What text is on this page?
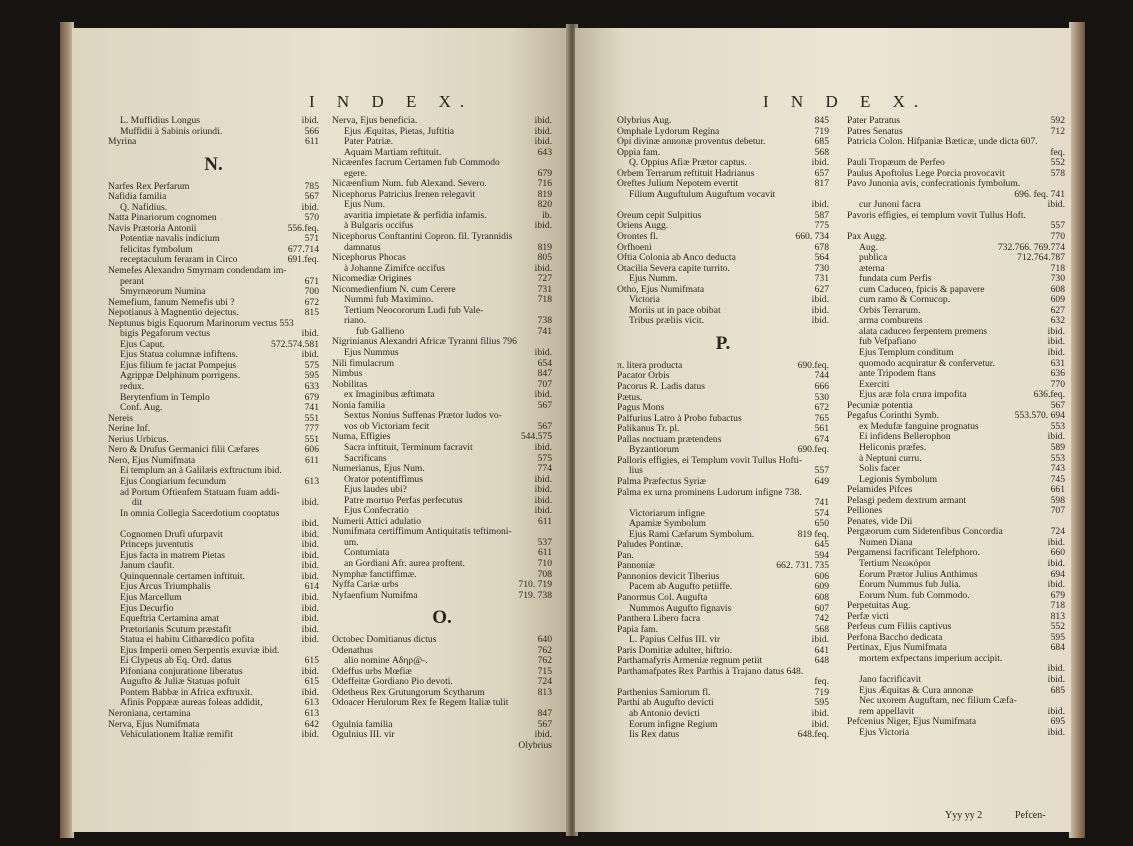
I N D E X.
L. Muffidius Longus	ibid.
Muffidii à Sabinis oriundi.	566
Myrina	611
N.
Narfes Rex Perfarum	785
Nafidia familia	567
Q. Nafidius.	ibid.
Natta Pinariorum cognomen	570
Navis Prætoria Antonii	556.feq.
Potentiæ navalis indicium	571
felicitas fymbolum	677.714
receptaculum feraram in Circo	691.feq.
Nemefes Alexandro Smyrnam condendam im-
perant	671
Smyrnæorum Numina	700
Nemefium, fanum Nemefis ubi ?	672
Nepotianus à Magnentio dejectus.	815
Neptunus bigis Equorum Marinorum vectus 553
bigis Pegaforum vectus	ibid.
Ejus Caput.	572.574.581
Ejus Statua columnæ infiftens.	ibid.
Ejus filium fe jactat Pompejus	575
Agrippæ Delphinum porrigens.	595
redux.	633
Berytenfium in Templo	679
Conf. Aug.	741
Nereis	551
Nerine Inf.	777
Nerius Urbicus.	551
Nero & Drufus Germanici filii Cæfares	606
Nero, Ejus Numifmata	611
Ei templum an à Galilæis exftructum ibid.
Ejus Congiarium fecundum	613
ad Portum Oftienfem Statuam fuam addi-
dit	ibid.
In omnia Collegia Sacerdotium cooptatus
ibid.
Cognomen Drufi ufurpavit	ibid.
Princeps juventutis	ibid.
Ejus facta in matrem Pietas	ibid.
Janum claufit.	ibid.
Quinquennale certamen inftituit.	ibid.
Ejus Arcus Triumphalis	614
Ejus Marcellum	ibid.
Ejus Decurfio	ibid.
Equeftria Certamina amat	ibid.
Prætorianis Scutum præstafit	ibid.
Statua ei habitu Citharœdico pofita	ibid.
Ejus Imperii omen Serpentis exuviæ ibid.
Ei Clypeus ab Eq. Ord. datus	615
Pifoniana conjuratione liberatus	ibid.
Augufto & Juliæ Statuas pofuit	615
Pontem Babbæ in Africa exftruxit.	ibid.
Afinis Poppææ aureas foleas addidit,	613
Neroniana, certamina	613
Nerva, Ejus Numifmata	642
Vehiculationem Italiæ remifit	ibid.
Nerva, Ejus beneficia.	ibid.
Ejus Æquitas, Pietas, Juftitia	ibid.
Pater Patriæ.	ibid.
Aquam Martiam reftituit.	643
Nicæenfes facrum Certamen fub Commodo
egere.	679
Nicæenfium Num. fub Alexand. Severo.	716
Nicephorus Patricius Irenen relegavit	819
Ejus Num.	820
avaritia impietate & perfidia infamis.	ib.
à Bulgaris occifus	ibid.
Nicephorus Conftantini Copron. fil. Tyrannidis
damnatus	819
Nicephorus Phocas	805
à Johanne Zimifce occifus	ibid.
Nicomediæ Origines	727
Nicomedienfium N. cum Cerere	731
Nummi fub Maximino.	718
Tertium Neocororum Ludi fub Vale-
riano.	738
fub Gallieno	741
Nigrinianus Alexandri Africæ Tyranni filius 796
Ejus Nummus	ibid.
Nili fimulacrum	654
Nimbus	847
Nobilitas	707
ex Imaginibus æftimata	ibid.
Nonia familia	567
Sextus Nonius Suffenas Prætor ludos vo-
vos ob Victoriam fecit	567
Numa, Effigies	544.575
Sacra inftituit, Terminum facravit	ibid.
Sacrificans	575
Numerianus, Ejus Num.	774
Orator potentiffimus	ibid.
Ejus laudes ubi?	ibid.
Patre mortuo Perfas perfecutus	ibid.
Ejus Confecratio	ibid.
Numerii Attici adulatio	611
Numifmata certiffimum Antiquitatis teftimoni-
um.	537
Conturniata	611
an Gordiani Afr. aurea proftent.	710
Nymphæ fanctiffimæ.	708
Nyffa Cariæ urbs	710. 719
Nyfaenfium Numifma	719. 738
O.
Octobec Domitianus dictus	640
Odenathus	762
alio nomine Αδηρ@-.	762
Odeffus urbs Mœfiæ	715
Odeffeitæ Gordiano Pio devoti.	724
Odetheus Rex Grutungorum Scytharum	813
Odoacer Herulorum Rex fe Regem Italiæ tulit
847
Ogulnia familia	567
Ogulnius III. vir	ibid.
Olybrius
I N D E X.
Olybrius Aug.	845
Omphale Lydorum Regina	719
Opi divinæ annonæ proventus debetur.	685
Oppia fam.	568
Q. Oppius Afiæ Prætor captus.	ibid.
Orbem Terrarum reftituit Hadrianus	657
Oreftes Julium Nepotem evertit	817
Filium Auguftulum Auguftum vocavit
ibid.
Oreum cepit Sulpitius	587
Oriens Augg.	775
Orontes fl.	660. 734
Orfhoeni	678
Oftia Colonia ab Anco deducta	564
Otacilia Severa capite turrito.	730
Ejus Numm.	731
Otho, Ejus Numifmata	627
Victoria	ibid.
Moriis ut in pace obibat	ibid.
Tribus præliis vicit.	ibid.
P.
π. litera producta	690.feq.
Pacator Orbis	744
Pacorus R. Ladis datus	666
Pætus.	530
Pagus Mons	672
Palfurius Latro à Probo fubactus	765
Palikanus Tr. pl.	561
Pallas noctuam prætendens	674
Byzantiorum	690.feq.
Palloris effigies, ei Templum vovit Tullus Hofti-
lius	557
Palma Præfectus Syriæ	649
Palma ex urna prominens Ludorum infigne 738.
741
Victoriarum infigne	574
Apamiæ Symbolum	650
Ejus Rami Cæfarum Symbolum.	819 feq.
Paludes Pontinæ.	645
Pan.	594
Pannoniæ	662. 731. 735
Pannonios devicit Tiberius	606
Pacem ab Augufto petiiffe.	609
Panormus Col. Augufta	608
Nummos Augufto fignavis	607
Panthera Libero facra	742
Papia fam.	568
L. Papius Celfus III. vir	ibid.
Paris Domitiæ adulter, hiftrio.	641
Parthamafyris Armeniæ regnum petiit	648
Parthamafpates Rex Parthis à Trajano datus 648.
feq.
Parthenius Samiorum fl.	719
Parthi ab Augufto devicti	595
ab Antonio devicti	ibid.
Eorum infigne Regium	ibid.
Iis Rex datus	648.feq.
Pater Patratus	592
Patres Senatus	712
Patricia Colon. Hifpaniæ Bæticæ, unde dicta 607.
feq.
Pauli Tropæum de Perfeo	552
Paulus Apoftolus Lege Porcia provocavit	578
Pavo Junonia avis, confecrationis fymbolum.
696. feq. 741
cur Junoni facra	ibid.
Pavoris effigies, ei templum vovit Tullus Hoft.
557
Pax Augg.	770
Aug.	732.766. 769.774
publica	712.764.787
æterna	718
fundata cum Perfis	730
cum Caduceo, fpicis & papavere	608
cum ramo & Cornucop.	609
Orbis Terrarum.	627
arma comburens	632
alata caduceo ferpentem premens	ibid.
fub Vefpafiano	ibid.
Ejus Templum conditum	ibid.
quomodo acquiratur & confervetur.	631
ante Tripodem ftans	636
Exerciti	770
Ejus aræ fola crura impofita	636.feq.
Pecuniæ potentia	567
Pegafus Corinthi Symb.	553.570. 694
ex Medufæ fanguine prognatus	553
Ei infidens Bellerophon	ibid.
Heliconis præfes.	589
à Neptuni curru.	553
Solis facer	743
Legionis Symbolum	745
Pelamides Pifces	661
Pelasgi pedem dextrum armant	598
Pelliones	707
Penates, vide Dii
Pergæorum cum Sidetenfibus Concordia	724
Numen Diana	ibid.
Pergamensi facrificant Telefphoro.	660
Tertium Νεωκόροι	ibid.
Eorum Prætor Julius Anthimus	694
Eorum Nummus fub Julia.	ibid.
Eorum Num. fub Commodo.	679
Perpetuitas Aug.	718
Perfæ victi	813
Perfeus cum Filiis captivus	552
Perfona Baccho dedicata	595
Pertinax, Ejus Numifmata	684
mortem exfpectans imperium accipit.
ibid.
Jano facrificavit	ibid.
Ejus Æquitas & Cura annonæ	685
Nec uxorem Auguftam, nec filium Cæfa-
rem appellavit	ibid.
Pefcenius Niger, Ejus Numifmata	695
Ejus Victoria	ibid.
Yyy yy 2	Pefcen-
